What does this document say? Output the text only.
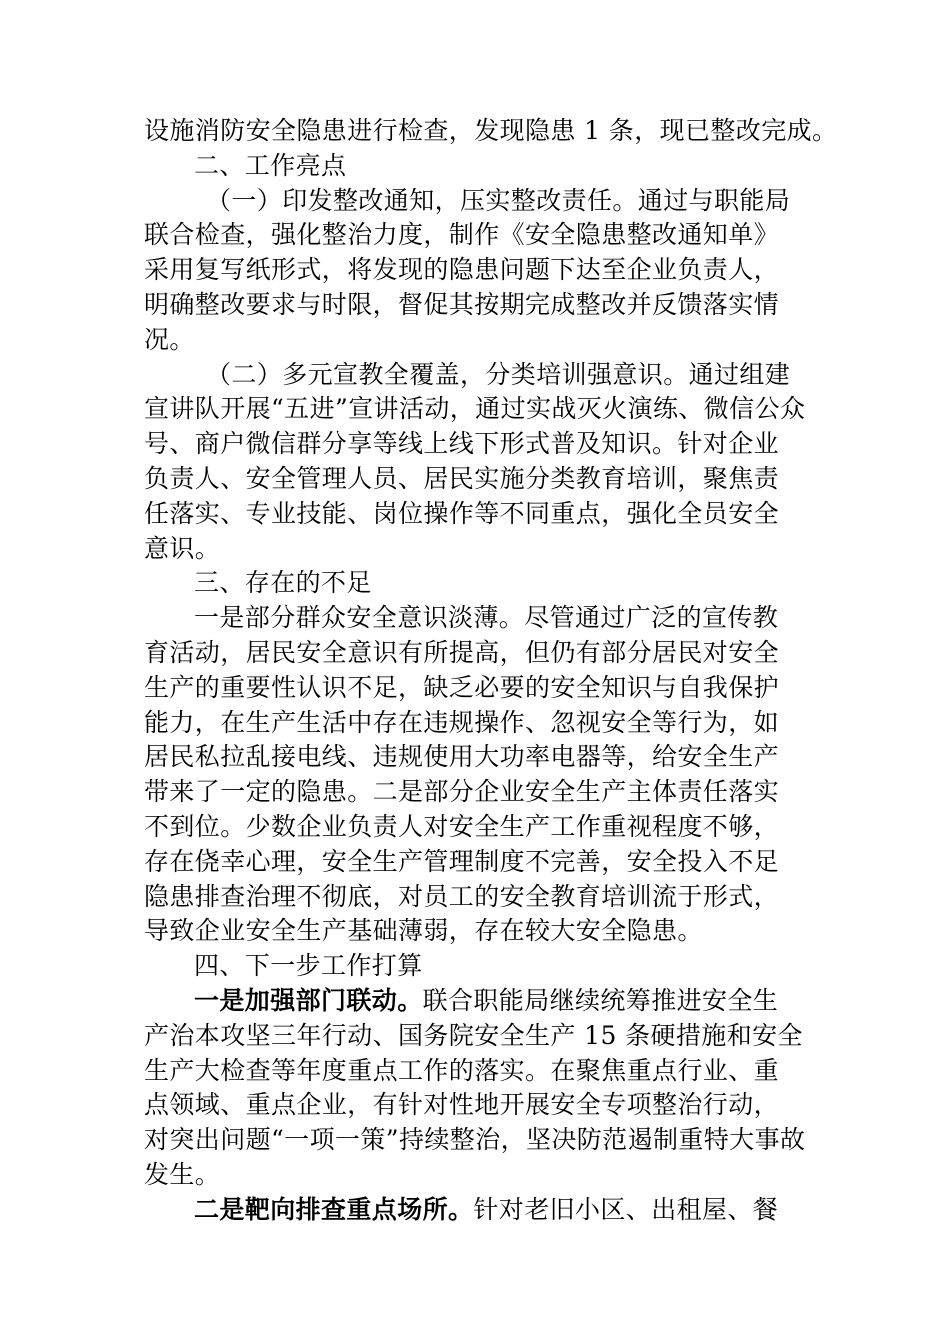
设施消防安全隐患进行检查，发现隐患 1 条，现已整改完成。
二、工作亮点
（一）印发整改通知，压实整改责任。通过与职能局
联合检查，强化整治力度，制作《安全隐患整改通知单》
采用复写纸形式，将发现的隐患问题下达至企业负责人，
明确整改要求与时限，督促其按期完成整改并反馈落实情
况。
（二）多元宣教全覆盖，分类培训强意识。通过组建
宣讲队开展“五进”宣讲活动，通过实战灭火演练、微信公众
号、商户微信群分享等线上线下形式普及知识。针对企业
负责人、安全管理人员、居民实施分类教育培训，聚焦责
任落实、专业技能、岗位操作等不同重点，强化全员安全
意识。
三、存在的不足
一是部分群众安全意识淡薄。尽管通过广泛的宣传教
育活动，居民安全意识有所提高，但仍有部分居民对安全
生产的重要性认识不足，缺乏必要的安全知识与自我保护
能力，在生产生活中存在违规操作、忽视安全等行为，如
居民私拉乱接电线、违规使用大功率电器等，给安全生产
带来了一定的隐患。二是部分企业安全生产主体责任落实
不到位。少数企业负责人对安全生产工作重视程度不够，
存在侥幸心理，安全生产管理制度不完善，安全投入不足
隐患排查治理不彻底，对员工的安全教育培训流于形式，
导致企业安全生产基础薄弱，存在较大安全隐患。
四、下一步工作打算
一是加强部门联动。联合职能局继续统筹推进安全生
产治本攻坚三年行动、国务院安全生产 15 条硬措施和安全
生产大检查等年度重点工作的落实。在聚焦重点行业、重
点领域、重点企业，有针对性地开展安全专项整治行动，
对突出问题“一项一策”持续整治，坚决防范遏制重特大事故
发生。
二是靶向排查重点场所。针对老旧小区、出租屋、餐
